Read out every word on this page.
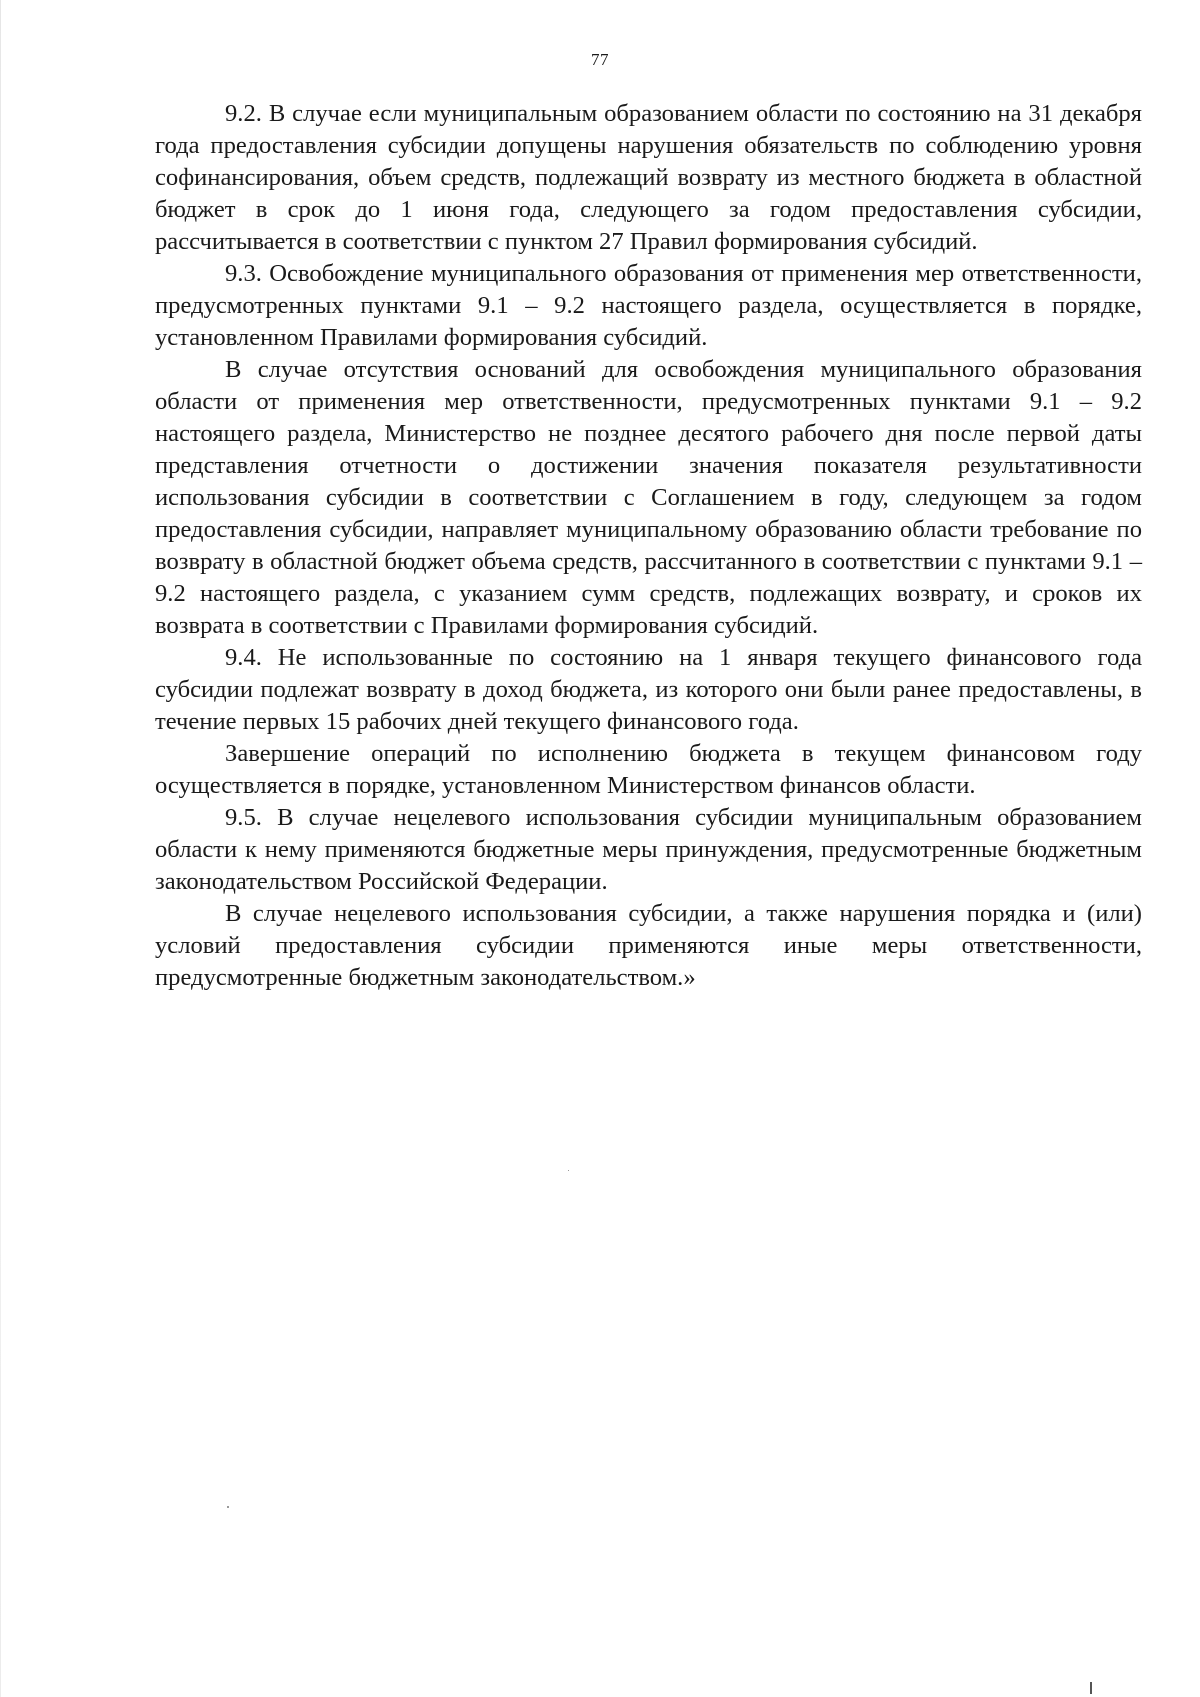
77

9.2. В случае если муниципальным образованием области по состоянию на 31 декабря года предоставления субсидии допущены нарушения обязательств по соблюдению уровня софинансирования, объем средств, подлежащий возврату из местного бюджета в областной бюджет в срок до 1 июня года, следующего за годом предоставления субсидии, рассчитывается в соответствии с пунктом 27 Правил формирования субсидий.

9.3. Освобождение муниципального образования от применения мер ответственности, предусмотренных пунктами 9.1 – 9.2 настоящего раздела, осуществляется в порядке, установленном Правилами формирования субсидий.

В случае отсутствия оснований для освобождения муниципального образования области от применения мер ответственности, предусмотренных пунктами 9.1 – 9.2 настоящего раздела, Министерство не позднее десятого рабочего дня после первой даты представления отчетности о достижении значения показателя результативности использования субсидии в соответствии с Соглашением в году, следующем за годом предоставления субсидии, направляет муниципальному образованию области требование по возврату в областной бюджет объема средств, рассчитанного в соответствии с пунктами 9.1 – 9.2 настоящего раздела, с указанием сумм средств, подлежащих возврату, и сроков их возврата в соответствии с Правилами формирования субсидий.

9.4. Не использованные по состоянию на 1 января текущего финансового года субсидии подлежат возврату в доход бюджета, из которого они были ранее предоставлены, в течение первых 15 рабочих дней текущего финансового года.

Завершение операций по исполнению бюджета в текущем финансовом году осуществляется в порядке, установленном Министерством финансов области.

9.5. В случае нецелевого использования субсидии муниципальным образованием области к нему применяются бюджетные меры принуждения, предусмотренные бюджетным законодательством Российской Федерации.

В случае нецелевого использования субсидии, а также нарушения порядка и (или) условий предоставления субсидии применяются иные меры ответственности, предусмотренные бюджетным законодательством.»
